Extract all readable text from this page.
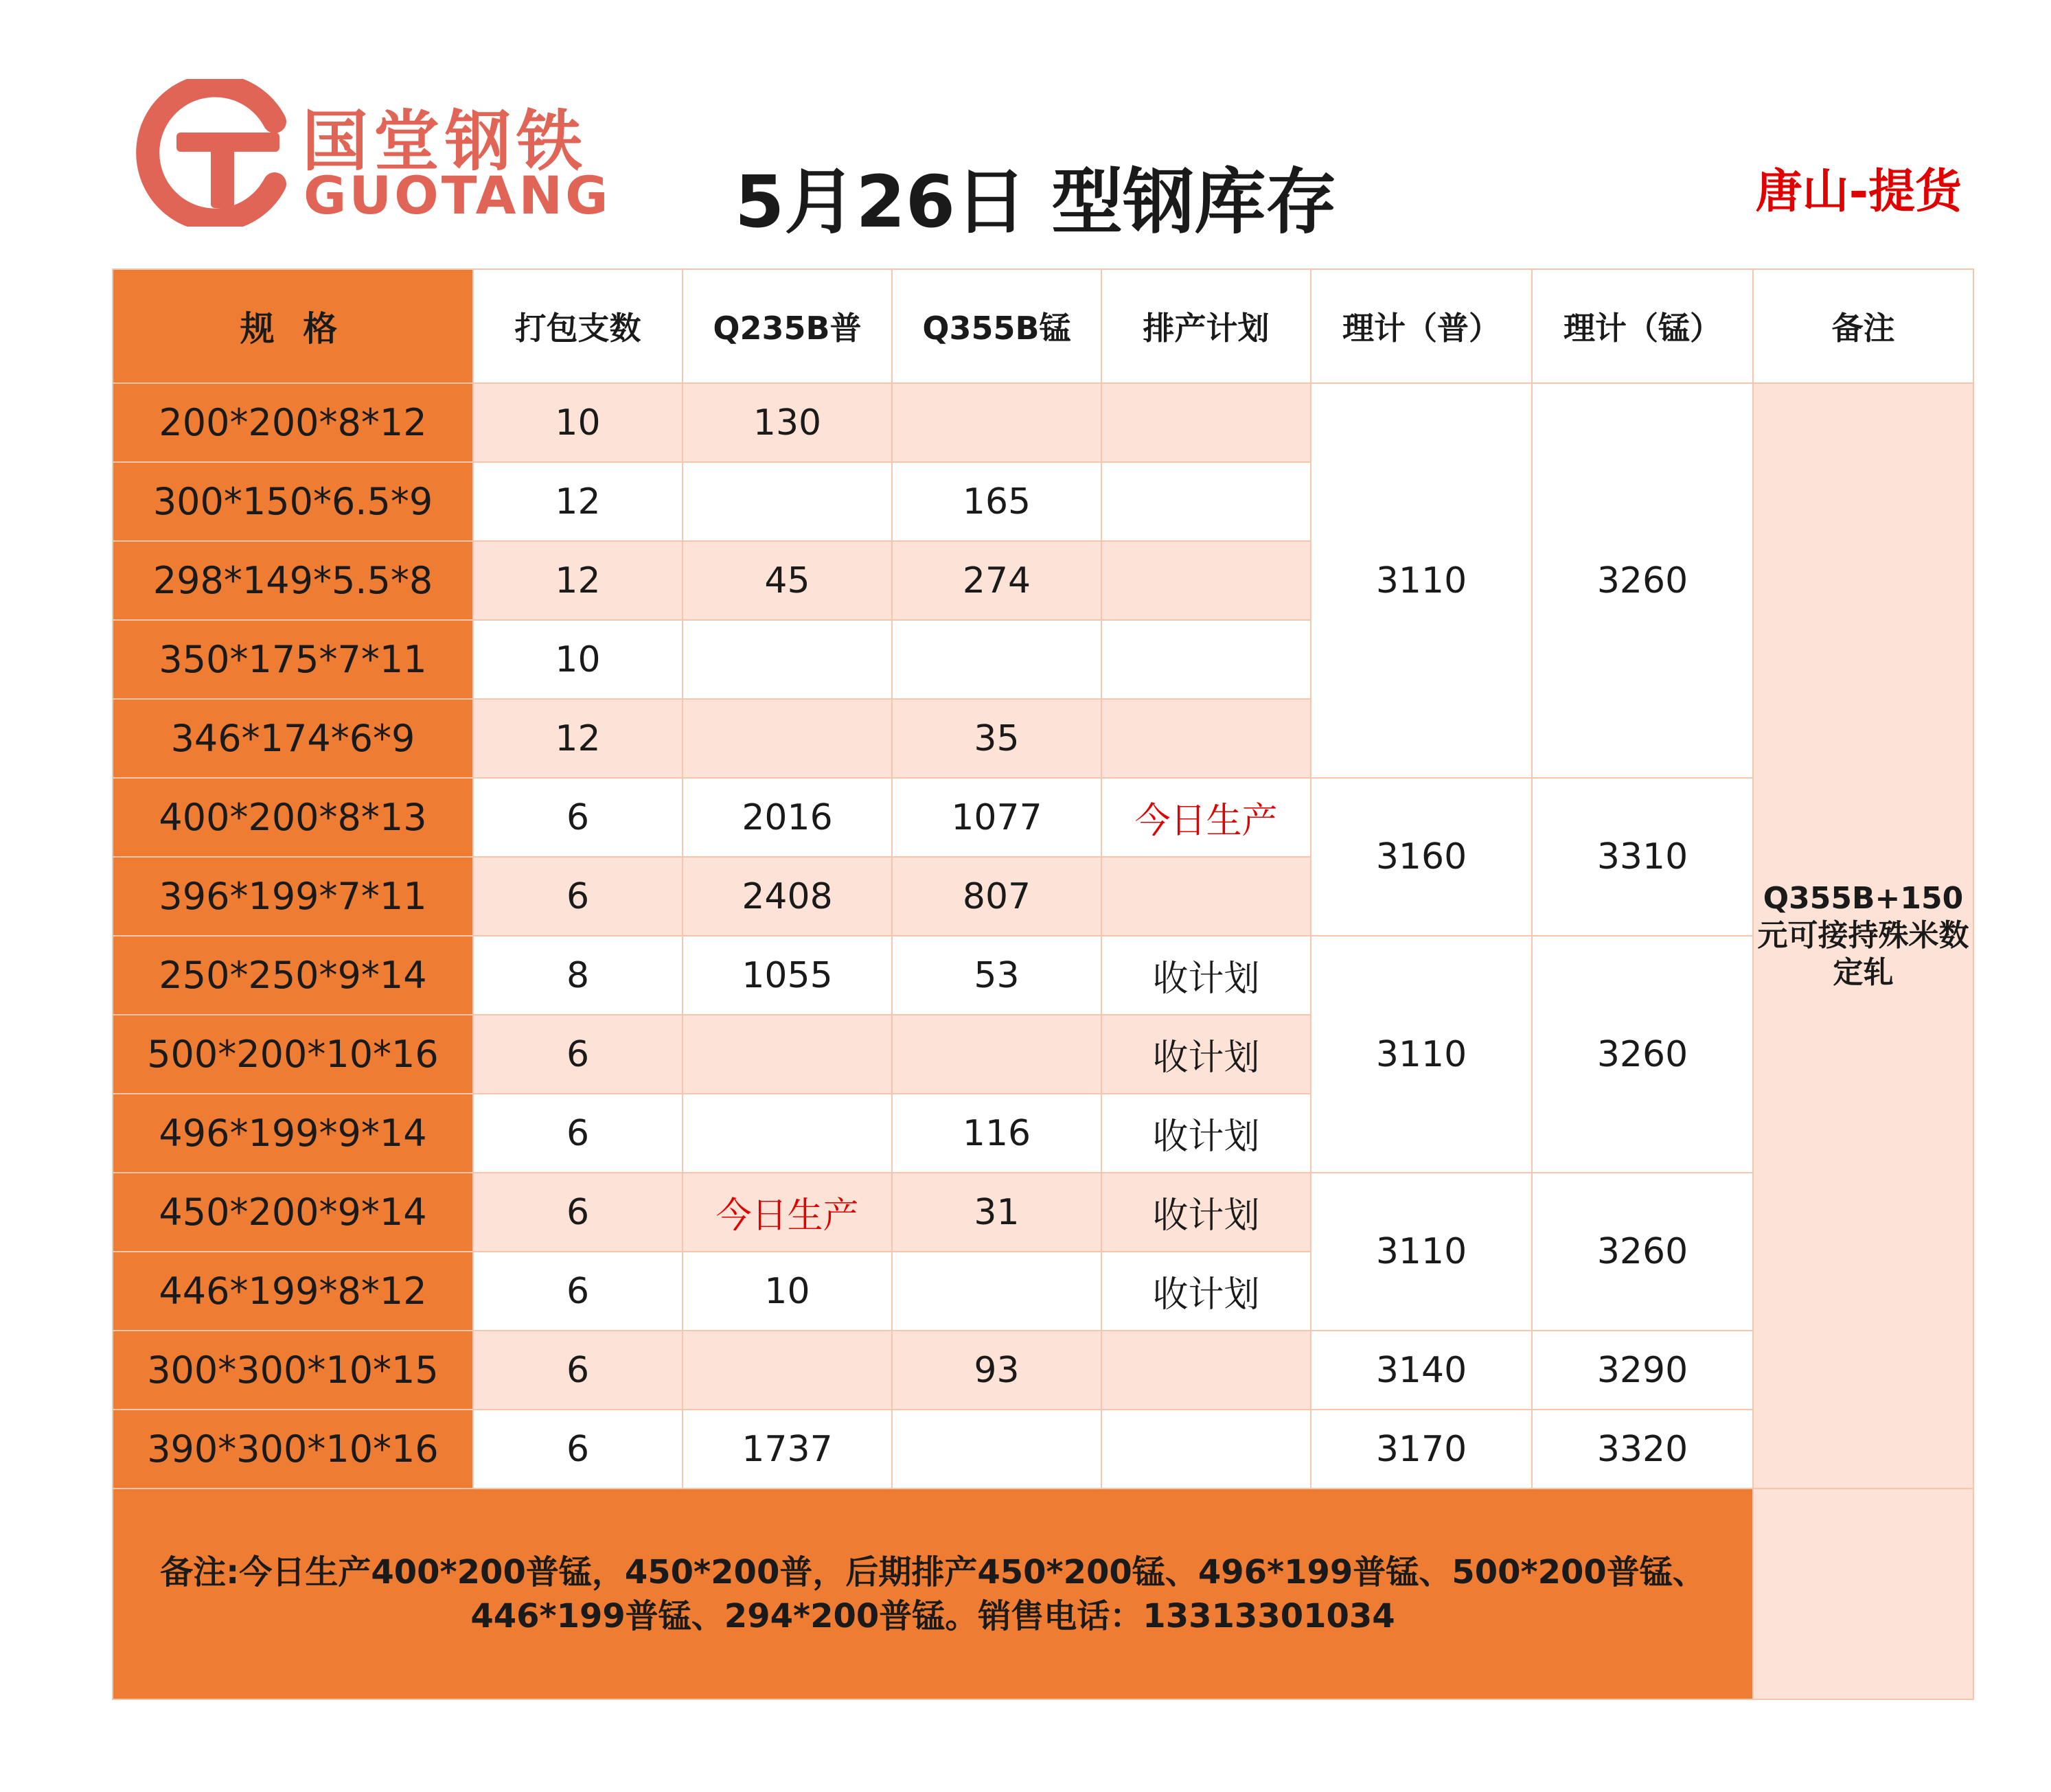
国堂钢铁
GUOTANG 5月26日 型钢库存	唐山-提货
规 格	打包支数	Q235B普	Q355B锰	排产计划	理计（普）	理计（锰）	备注
200*200*8*12	10	130			3110	3260	Q355B+150元可接持殊米数定轧
300*150*6.5*9	12		165				
298*149*5.5*8	12	45	274				
350*175*7*11	10						
346*174*6*9	12		35				
400*200*8*13	6	2016	1077	今日生产	3160	3310	
396*199*7*11	6	2408	807				
250*250*9*14	8	1055	53	收计划	3110	3260	
500*200*10*16	6			收计划			
496*199*9*14	6		116	收计划			
450*200*9*14	6	今日生产	31	收计划	3110	3260	
446*199*8*12	6	10		收计划			
300*300*10*15	6		93		3140	3290	
390*300*10*16	6	1737			3170	3320	
备注:今日生产400*200普锰，450*200普，后期排产450*200锰、496*199普锰、500*200普锰、446*199普锰、294*200普锰。销售电话：13313301034							
